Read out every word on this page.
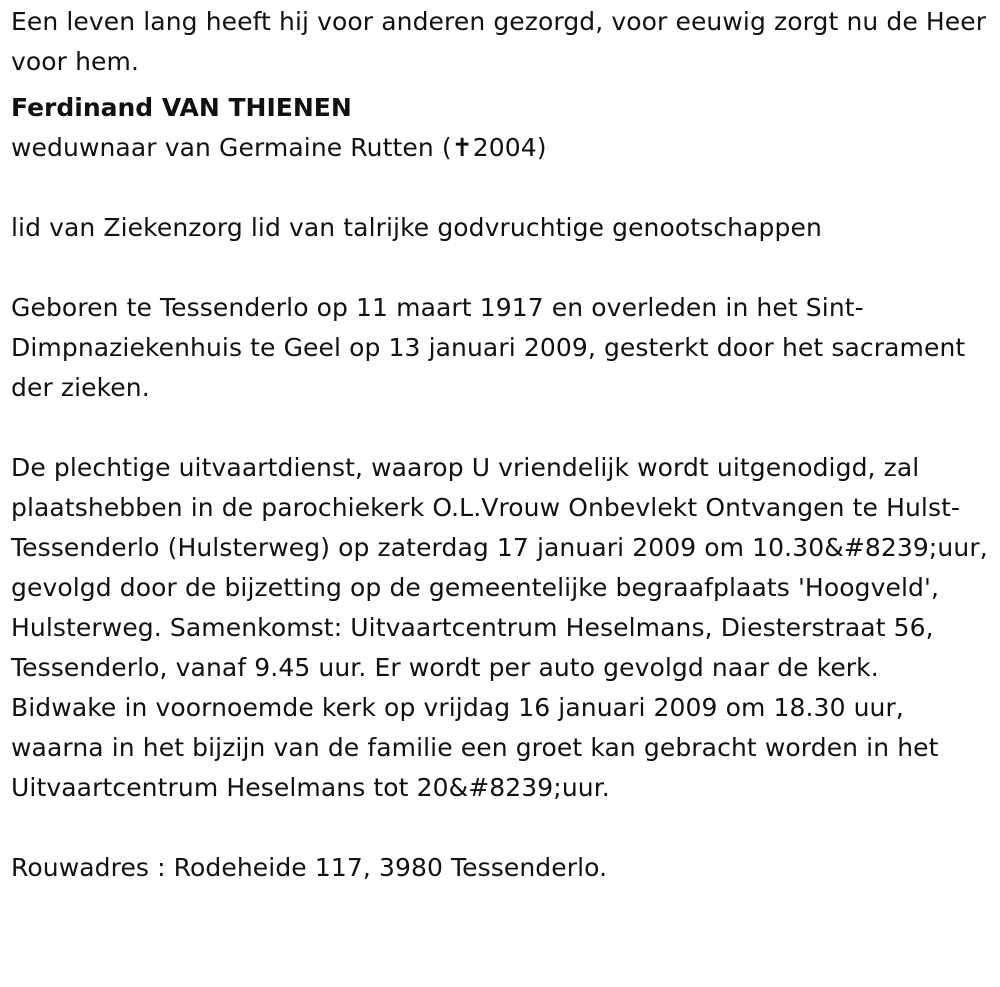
Een leven lang heeft hij voor anderen gezorgd, voor eeuwig zorgt nu de Heer voor hem.

Ferdinand VAN THIENEN

weduwnaar van Germaine Rutten (✝2004)

lid van Ziekenzorg lid van talrijke godvruchtige genootschappen

Geboren te Tessenderlo op 11 maart 1917 en overleden in het Sint-Dimpnaziekenhuis te Geel op 13 januari 2009, gesterkt door het sacrament der zieken.

De plechtige uitvaartdienst, waarop U vriendelijk wordt uitgenodigd, zal plaatshebben in de parochiekerk O.L.Vrouw Onbevlekt Ontvangen te Hulst-Tessenderlo (Hulsterweg) op zaterdag 17 januari 2009 om 10.30&#8239;uur, gevolgd door de bijzetting op de gemeentelijke begraafplaats 'Hoogveld', Hulsterweg. Samenkomst: Uitvaartcentrum Heselmans, Diesterstraat 56, Tessenderlo, vanaf 9.45 uur. Er wordt per auto gevolgd naar de kerk. Bidwake in voornoemde kerk op vrijdag 16 januari 2009 om 18.30 uur, waarna in het bijzijn van de familie een groet kan gebracht worden in het Uitvaartcentrum Heselmans tot 20&#8239;uur.

Rouwadres : Rodeheide 117, 3980 Tessenderlo.
